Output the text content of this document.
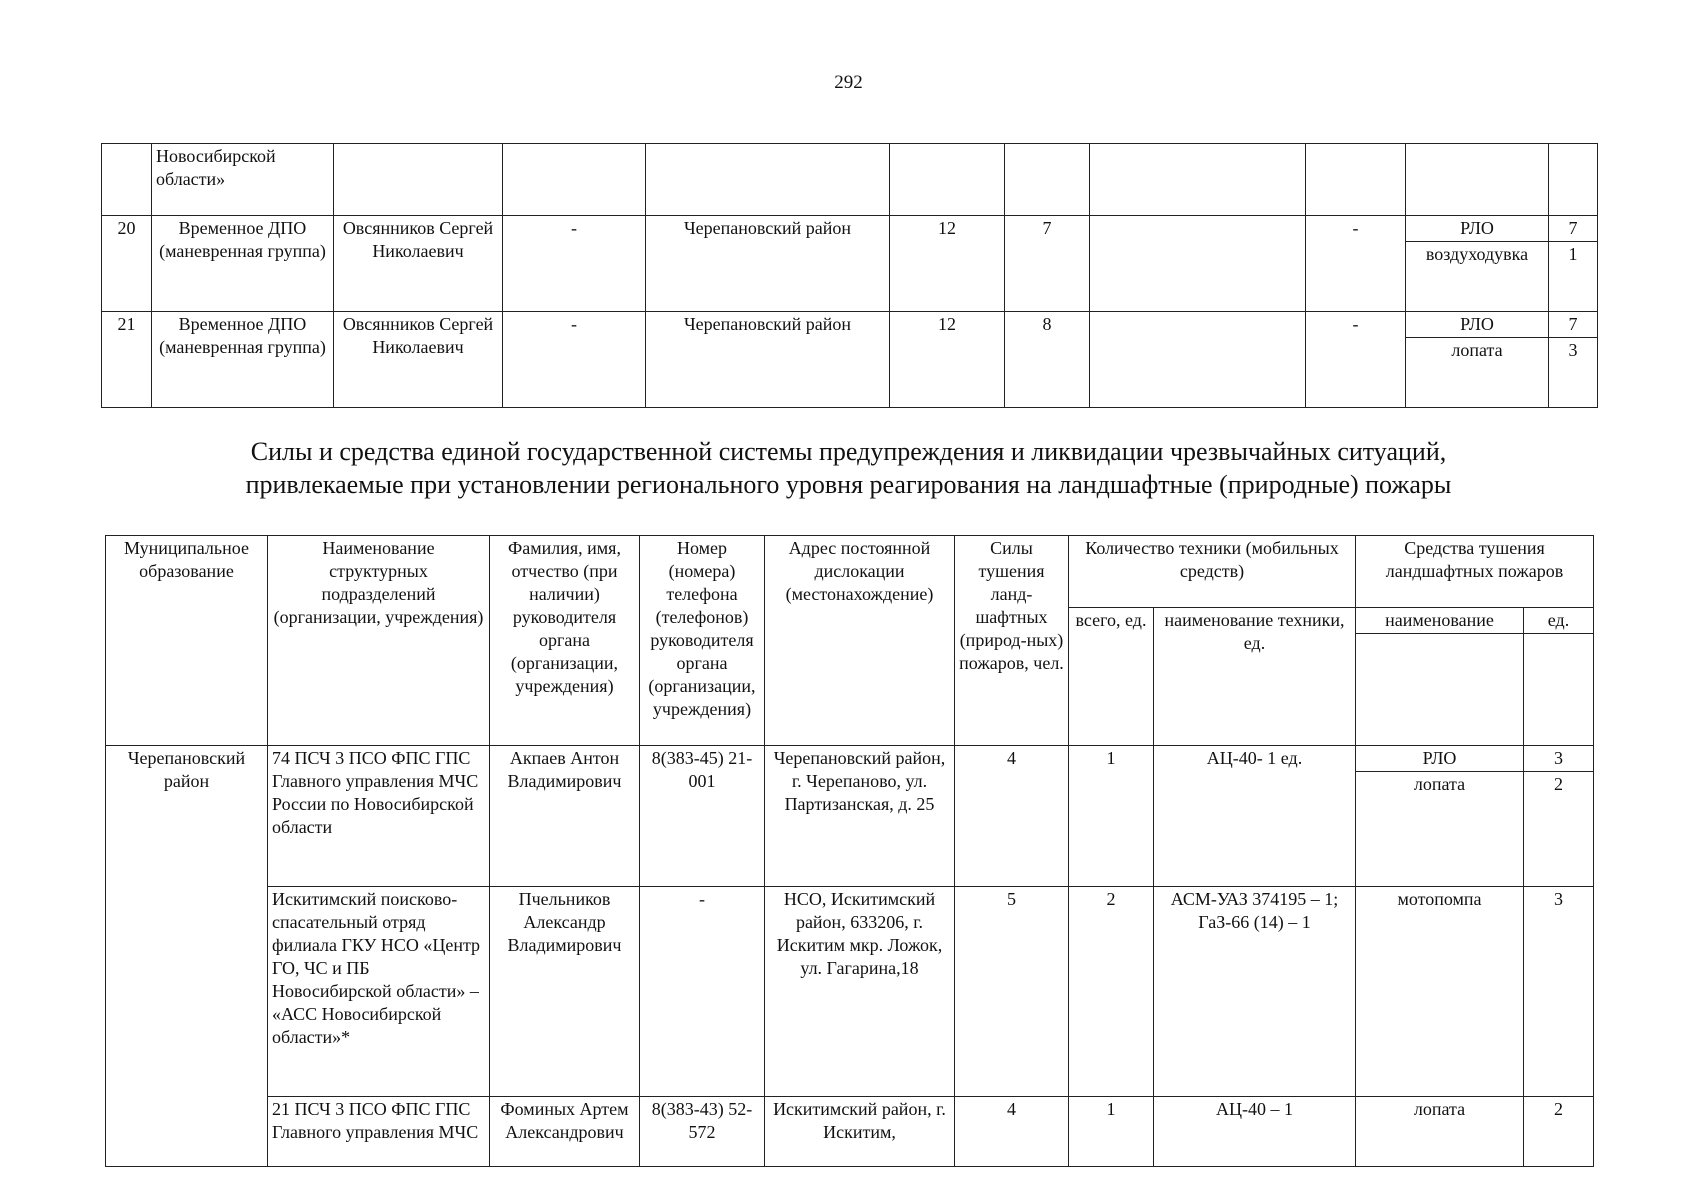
292
	Новосибирской области»									
20	Временное ДПО (маневренная группа)	Овсянников Сергей Николаевич	-	Черепановский район	12	7		-	РЛО	7
									воздуходувка	1
21	Временное ДПО (маневренная группа)	Овсянников Сергей Николаевич	-	Черепановский район	12	8		-	РЛО	7
									лопата	3
Силы и средства единой государственной системы предупреждения и ликвидации чрезвычайных ситуаций,
привлекаемые при установлении регионального уровня реагирования на ландшафтные (природные) пожары
Муниципальное образование	Наименование структурных подразделений (организации, учреждения)	Фамилия, имя, отчество (при наличии) руководителя органа (организации, учреждения)	Номер (номера) телефона (телефонов) руководителя органа (организации, учреждения)	Адрес постоянной дислокации (местонахождение)	Силы тушения ланд-шафтных (природ-ных) пожаров, чел.	Количество техники (мобильных средств)		Средства тушения ландшафтных пожаров	
						всего, ед.	наименование техники, ед.	наименование	ед.

Черепановский район	74 ПСЧ 3 ПСО ФПС ГПС Главного управления МЧС России по Новосибирской области	Акпаев Антон Владимирович	8(383-45) 21-001	Черепановский район, г. Черепаново, ул. Партизанская, д. 25	4	1	АЦ-40- 1 ед.	РЛО	3
								лопата	2
	Искитимский поисково-спасательный отряд филиала ГКУ НСО «Центр ГО, ЧС и ПБ Новосибирской области» – «АСС Новосибирской области»*	Пчельников Александр Владимирович	-	НСО, Искитимский район, 633206, г. Искитим мкр. Ложок, ул. Гагарина,18	5	2	АСМ-УАЗ 374195 – 1; ГаЗ-66 (14) – 1	мотопомпа	3
	21 ПСЧ 3 ПСО ФПС ГПС Главного управления МЧС	Фоминых Артем Александрович	8(383-43) 52-572	Искитимский район, г. Искитим,	4	1	АЦ-40 – 1	лопата	2
